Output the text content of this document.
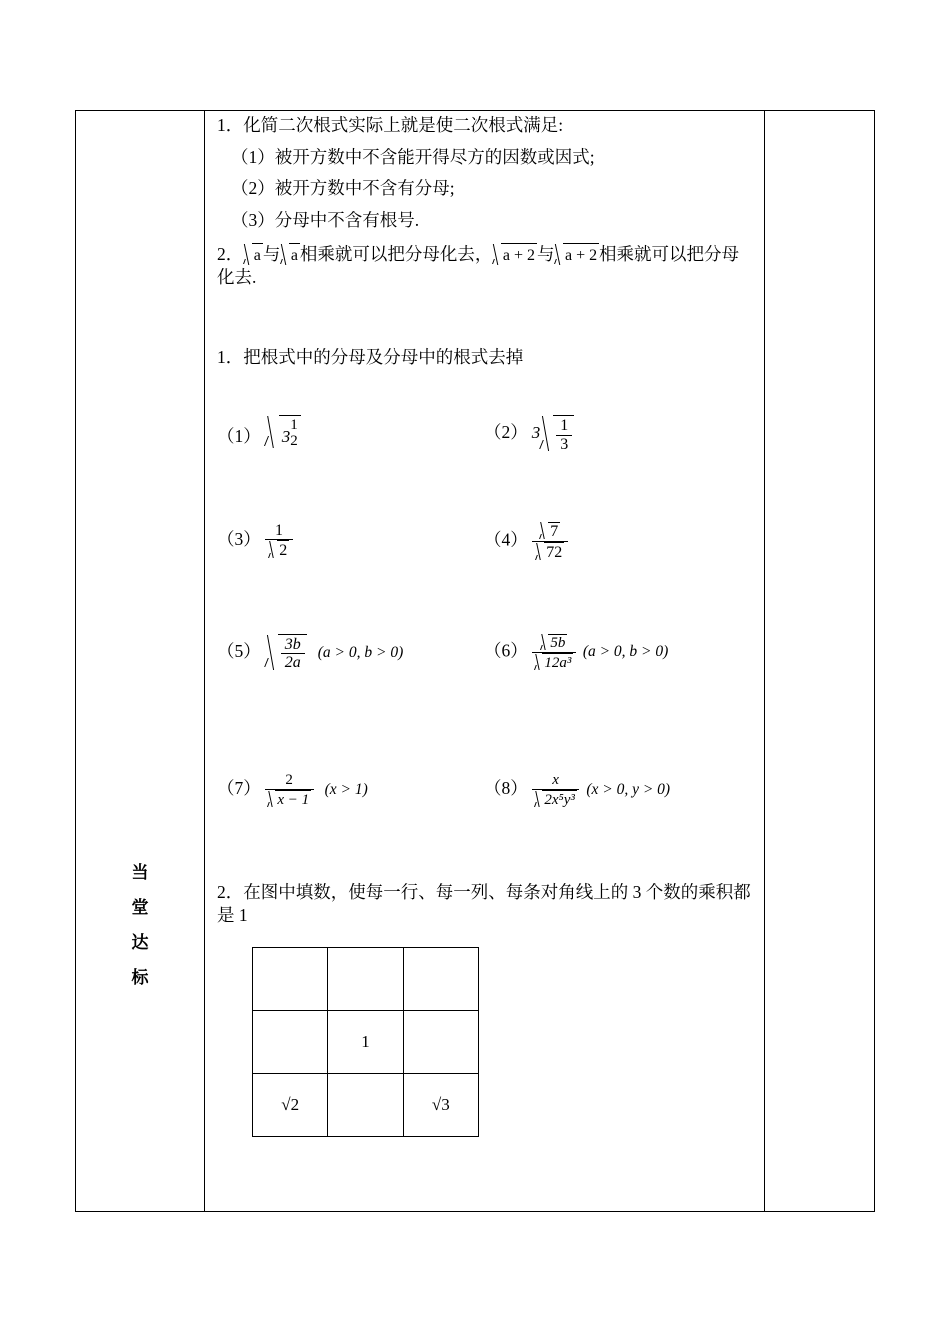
当
堂
达
标

1．化简二次根式实际上就是使二次根式满足:

（1）被开方数中不含能开得尽方的因数或因式;

（2）被开方数中不含有分母;

（3）分母中不含有根号.

2． a 与 a 相乘就可以把分母化去， a + 2 与 a + 2 相乘就可以把分母化去.

1．把根式中的分母及分母中的根式去掉

（1） 3
1
2	（2） $3 \frac{1}{3}$
$(3) \frac{1}{2}$	$(4) \frac{7}{72}$
$(5) \frac{3b}{2a} (a > 0$, b > 0)	$(6) \frac{5b}{\text{12a³}} (a > 0$, b > 0)
$(7) \frac{2}{x - 1} (x > 1)$	$(8) \frac{x}{\text{2x⁵y³}} (x > 0$, y > 0)

2．在图中填数，使每一行、每一列、每条对角线上的 3 个数的乘积都是 1

	1	
√2		√3
